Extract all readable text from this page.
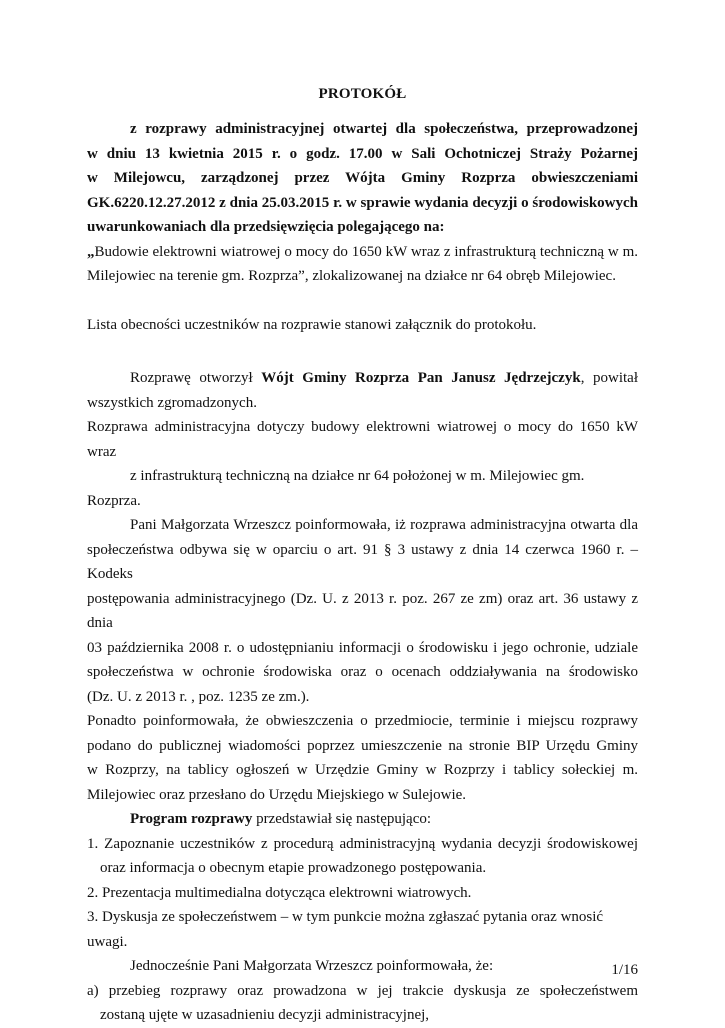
PROTOKÓŁ

z rozprawy administracyjnej otwartej dla społeczeństwa, przeprowadzonej

w dniu 13 kwietnia 2015 r. o godz. 17.00 w Sali Ochotniczej Straży Pożarnej

w Milejowcu, zarządzonej przez Wójta Gminy Rozprza obwieszczeniami

GK.6220.12.27.2012 z dnia 25.03.2015 r. w sprawie wydania decyzji o środowiskowych

uwarunkowaniach dla przedsięwzięcia polegającego na:

„Budowie elektrowni wiatrowej o mocy do 1650 kW wraz z infrastrukturą techniczną w m.

Milejowiec na terenie gm. Rozprza”, zlokalizowanej na działce nr 64 obręb Milejowiec.

Lista obecności uczestników na rozprawie stanowi załącznik do protokołu.

Rozprawę otworzył Wójt Gminy Rozprza Pan Janusz Jędrzejczyk, powitał

wszystkich zgromadzonych.

Rozprawa administracyjna dotyczy budowy elektrowni wiatrowej o mocy do 1650 kW wraz

z infrastrukturą techniczną na działce nr 64 położonej w m. Milejowiec gm. Rozprza.

Pani Małgorzata Wrzeszcz poinformowała, iż rozprawa administracyjna otwarta dla

społeczeństwa odbywa się w oparciu o art. 91 § 3 ustawy z dnia 14 czerwca 1960 r. – Kodeks

postępowania administracyjnego (Dz. U. z 2013 r. poz. 267 ze zm) oraz art. 36 ustawy z dnia

03 października 2008 r. o udostępnianiu informacji o środowisku i jego ochronie, udziale

społeczeństwa w ochronie środowiska oraz o ocenach oddziaływania na środowisko

(Dz. U. z 2013 r. , poz. 1235 ze zm.).

Ponadto poinformowała, że obwieszczenia o przedmiocie, terminie i miejscu rozprawy

podano do publicznej wiadomości poprzez umieszczenie na stronie BIP Urzędu Gminy

w Rozprzy, na tablicy ogłoszeń w Urzędzie Gminy w Rozprzy i tablicy sołeckiej m.

Milejowiec oraz przesłano do Urzędu Miejskiego w Sulejowie.

Program rozprawy przedstawiał się następująco:

1. Zapoznanie uczestników z procedurą administracyjną wydania decyzji środowiskowej

oraz informacja o obecnym etapie prowadzonego postępowania.

2. Prezentacja multimedialna dotycząca elektrowni wiatrowych.

3. Dyskusja ze społeczeństwem – w tym punkcie można zgłaszać pytania oraz wnosić uwagi.

Jednocześnie Pani Małgorzata Wrzeszcz poinformowała, że:

a) przebieg rozprawy oraz prowadzona w jej trakcie dyskusja ze społeczeństwem

zostaną ujęte w uzasadnieniu decyzji administracyjnej,

1/16
